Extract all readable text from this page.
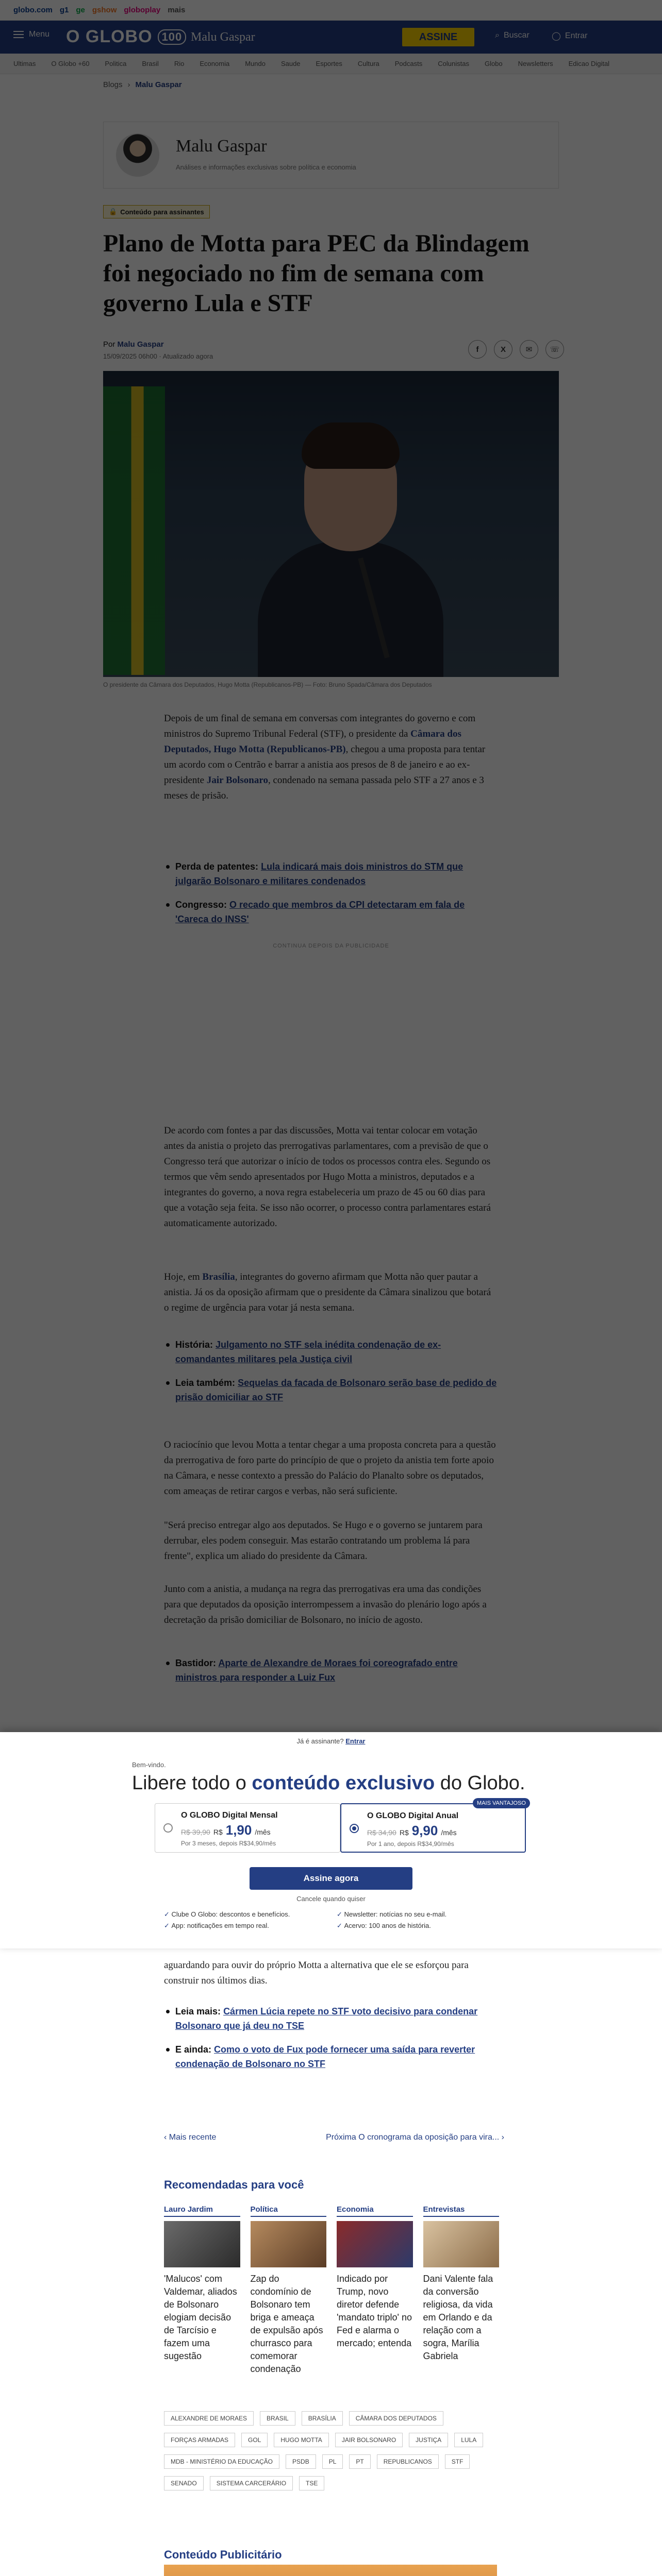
Já é assinante? Entrar
Bem-vindo.
Libere todo o conteúdo exclusivo do Globo.
O GLOBO Digital Mensal
R$ 39,90 R$ 1,90 /mês
Por 3 meses, depois R$34,90/mês
O GLOBO Digital Anual
R$ 34,90 R$ 9,90 /mês
Por 1 ano, depois R$34,90/mês
MAIS VANTAJOSO
Assine agora
Cancele quando quiser
✓ Clube O Globo: descontos e benefícios.	✓ Newsletter: notícias no seu e-mail.
✓ App: notificações em tempo real.	✓ Acervo: 100 anos de história.

aguardando para ouvir do próprio Motta a alternativa que ele se esforçou para construir nos últimos dias.

Leia mais: Cármen Lúcia repete no STF voto decisivo para condenar Bolsonaro que já deu no TSE
E ainda: Como o voto de Fux pode fornecer uma saída para reverter condenação de Bolsonaro no STF
‹ Mais recente	Próxima O cronograma da oposição para vira... ›
Recomendadas para você
Lauro Jardim
'Malucos' com Valdemar, aliados de Bolsonaro elogiam decisão de Tarcísio e fazem uma sugestão
Política
Zap do condomínio de Bolsonaro tem briga e ameaça de expulsão após churrasco para comemorar condenação
Economia
Indicado por Trump, novo diretor defende 'mandato triplo' no Fed e alarma o mercado; entenda
Entrevistas
Dani Valente fala da conversão religiosa, da vida em Orlando e da relação com a sogra, Marília Gabriela
ALEXANDRE DE MORAES	BRASIL	BRASÍLIA	CÂMARA DOS DEPUTADOS
FORÇAS ARMADAS	GOL	HUGO MOTTA	JAIR BOLSONARO	JUSTIÇA	LULA
MDB - MINISTÉRIO DA EDUCAÇÃO	PSDB	PL	PT	REPUBLICANOS	STF
SENADO	SISTEMA CARCERÁRIO	TSE
Conteúdo Publicitário
